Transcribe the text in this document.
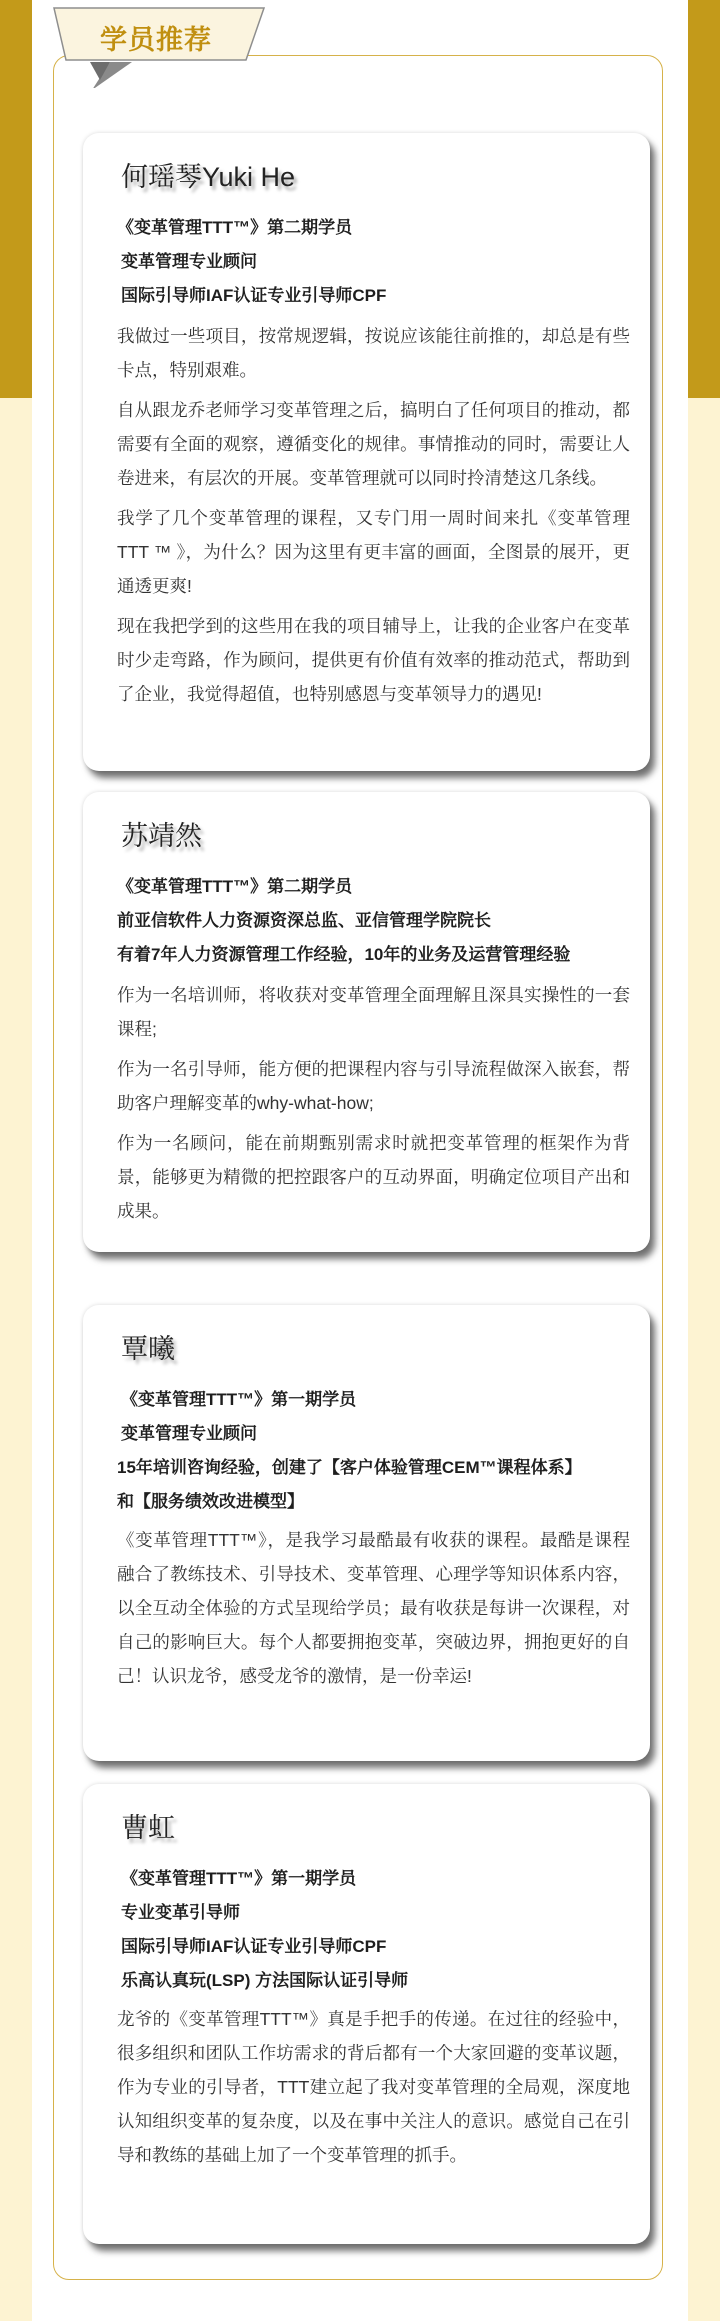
学员推荐
何瑶琴Yuki He
《变革管理TTT™》第二期学员
变革管理专业顾问
国际引导师IAF认证专业引导师CPF
我做过一些项目，按常规逻辑，按说应该能往前推的，却总是有些卡点，特别艰难。
自从跟龙乔老师学习变革管理之后，搞明白了任何项目的推动，都需要有全面的观察，遵循变化的规律。事情推动的同时，需要让人卷进来，有层次的开展。变革管理就可以同时拎清楚这几条线。
我学了几个变革管理的课程，又专门用一周时间来扎《变革管理TTT ™ 》，为什么？因为这里有更丰富的画面，全图景的展开，更通透更爽!
现在我把学到的这些用在我的项目辅导上，让我的企业客户在变革时少走弯路，作为顾问，提供更有价值有效率的推动范式，帮助到了企业，我觉得超值，也特别感恩与变革领导力的遇见!
苏靖然
《变革管理TTT™》第二期学员
前亚信软件人力资源资深总监、亚信管理学院院长
有着7年人力资源管理工作经验，10年的业务及运营管理经验
作为一名培训师，将收获对变革管理全面理解且深具实操性的一套课程;
作为一名引导师，能方便的把课程内容与引导流程做深入嵌套，帮助客户理解变革的why-what-how;
作为一名顾问，能在前期甄别需求时就把变革管理的框架作为背景，能够更为精微的把控跟客户的互动界面，明确定位项目产出和成果。
覃曦
《变革管理TTT™》第一期学员
变革管理专业顾问
15年培训咨询经验，创建了【客户体验管理CEM™课程体系】
和【服务绩效改进模型】
《变革管理TTT™》，是我学习最酷最有收获的课程。最酷是课程融合了教练技术、引导技术、变革管理、心理学等知识体系内容，以全互动全体验的方式呈现给学员；最有收获是每讲一次课程，对自己的影响巨大。每个人都要拥抱变革，突破边界，拥抱更好的自己！认识龙爷，感受龙爷的激情，是一份幸运!
曹虹
《变革管理TTT™》第一期学员
专业变革引导师
国际引导师IAF认证专业引导师CPF
乐高认真玩(LSP) 方法国际认证引导师
龙爷的《变革管理TTT™》真是手把手的传递。在过往的经验中，很多组织和团队工作坊需求的背后都有一个大家回避的变革议题，作为专业的引导者，TTT建立起了我对变革管理的全局观，深度地认知组织变革的复杂度，以及在事中关注人的意识。感觉自己在引导和教练的基础上加了一个变革管理的抓手。
